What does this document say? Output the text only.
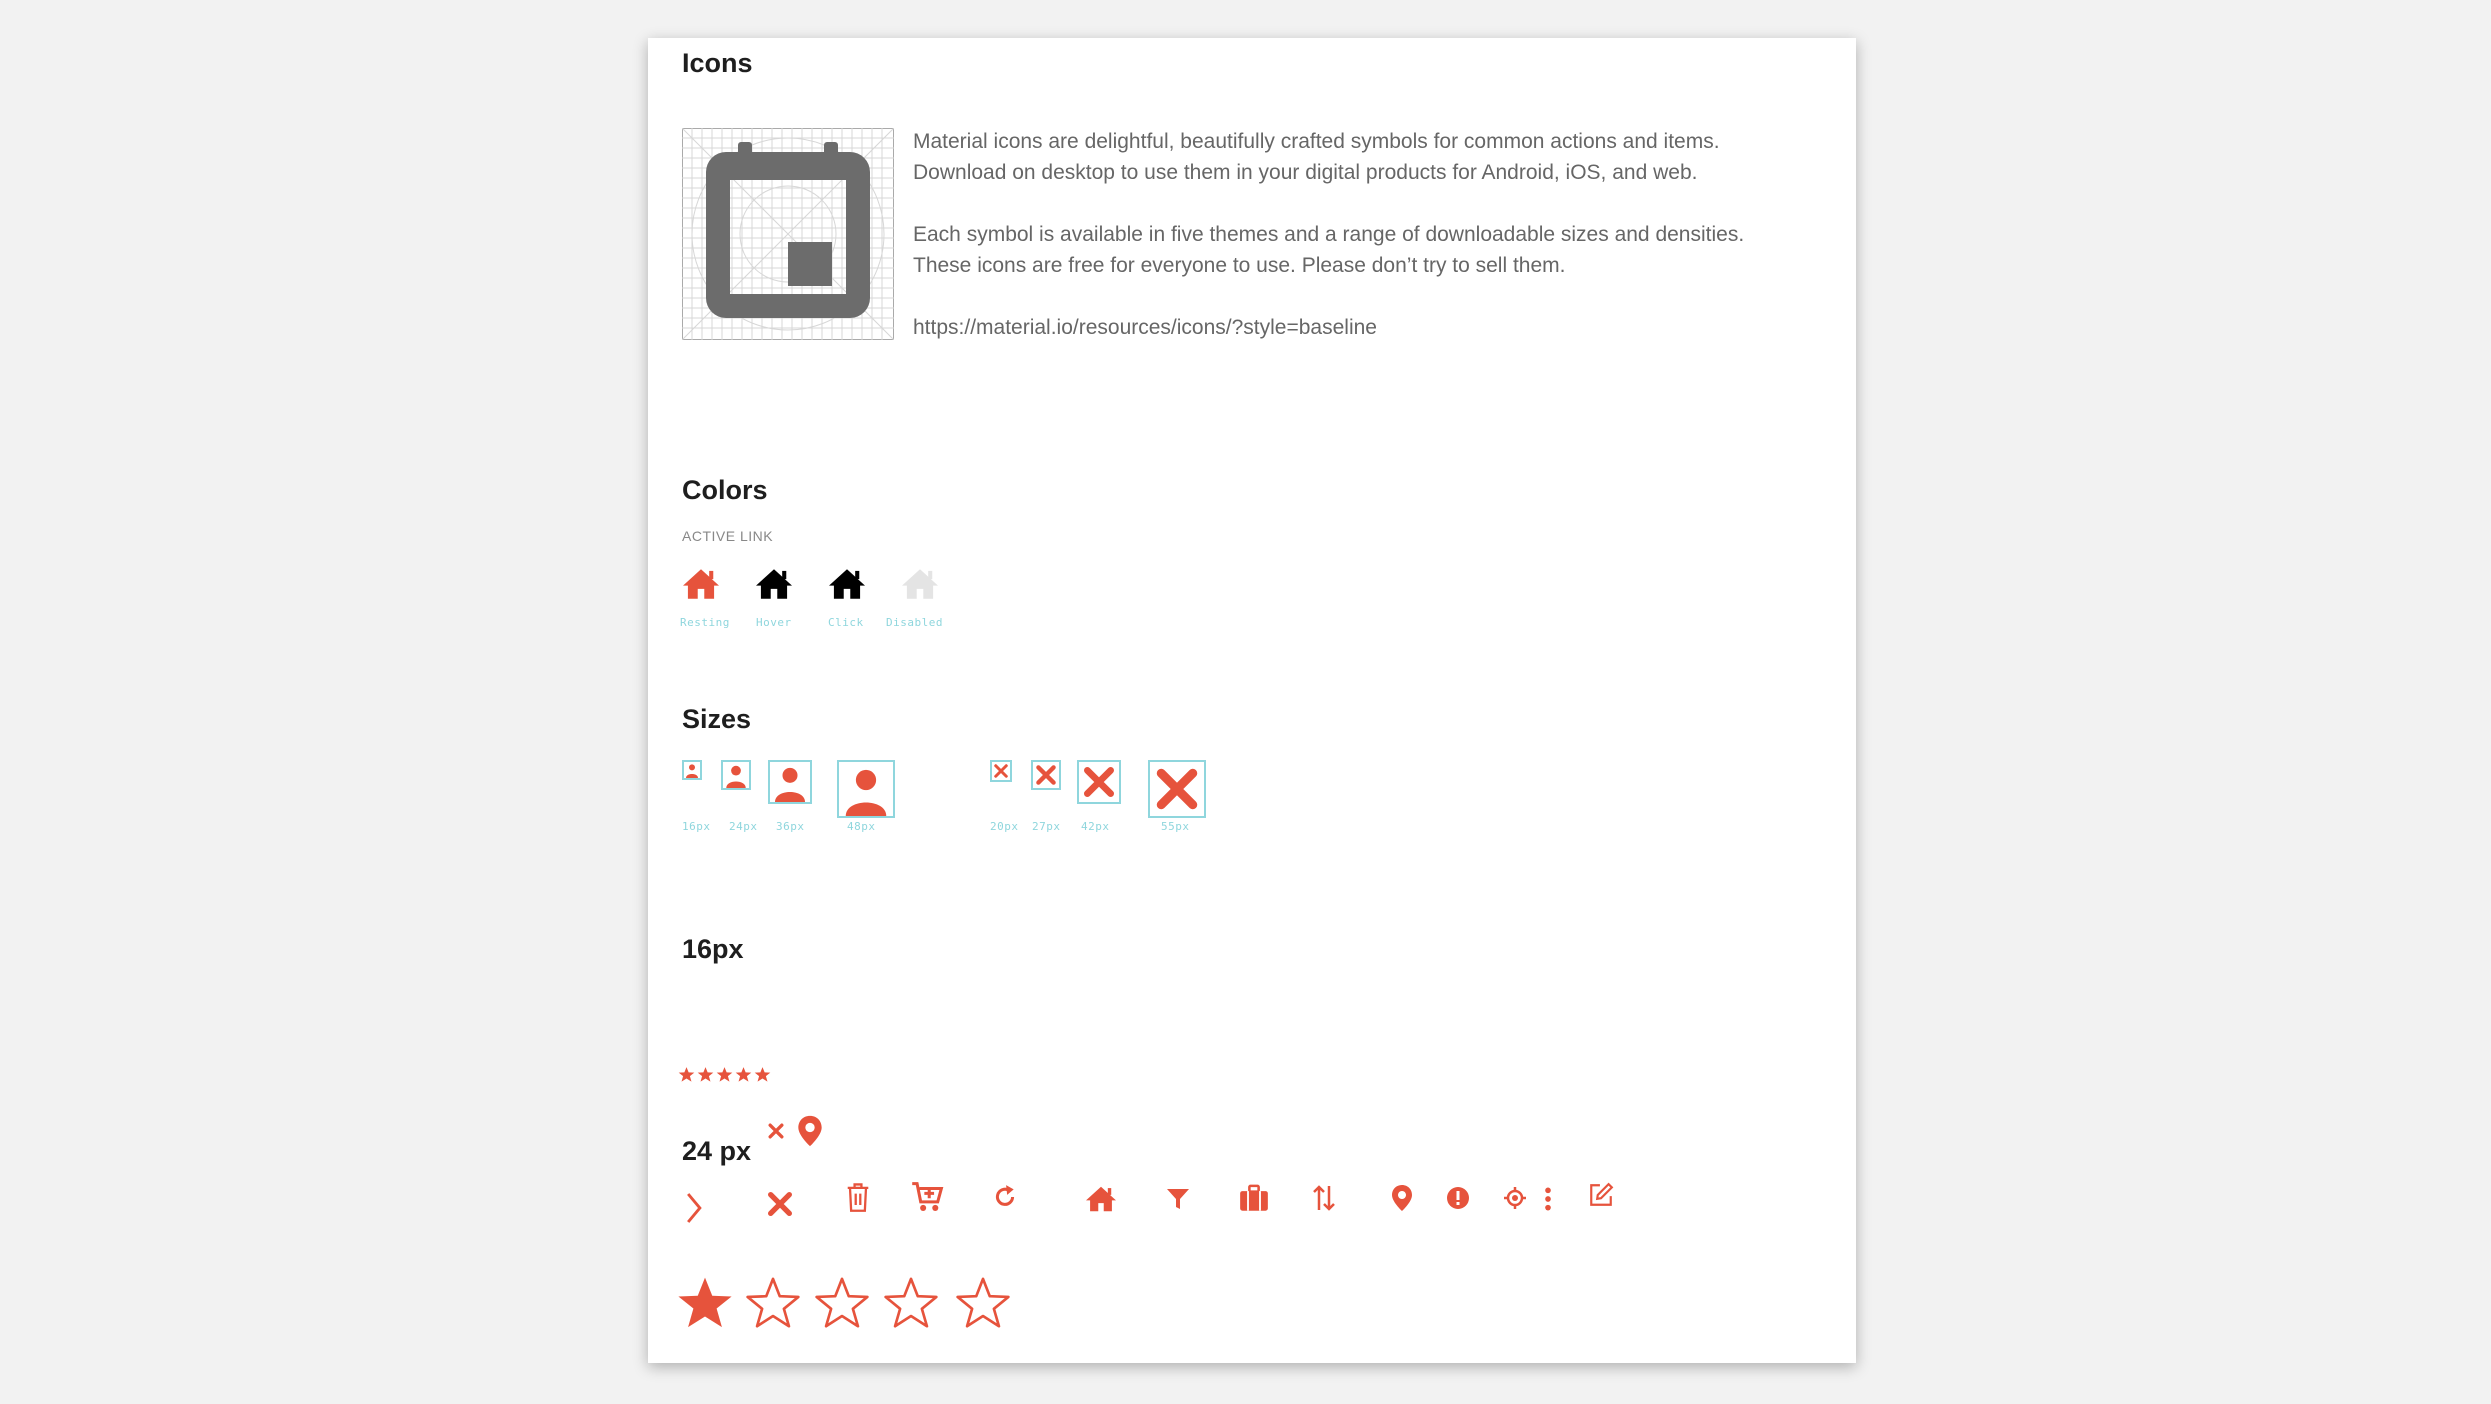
Icons
Material icons are delightful, beautifully crafted symbols for common actions and items.
Download on desktop to use them in your digital products for Android, iOS, and web.
Each symbol is available in five themes and a range of downloadable sizes and densities.
These icons are free for everyone to use. Please don’t try to sell them.
https://material.io/resources/icons/?style=baseline
Colors
ACTIVE LINK
Resting Hover	Click Disabled
Sizes
16px 24px 36px	48px	20px 27px 42px	55px
16px
24 px
